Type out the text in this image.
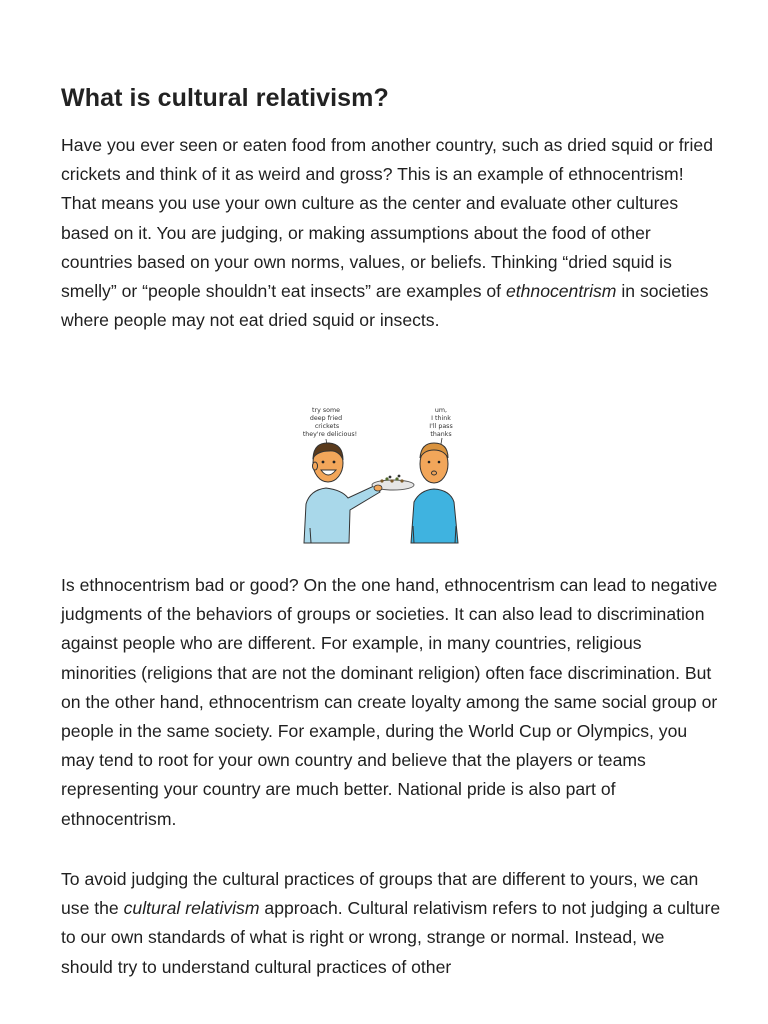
What is cultural relativism?

Have you ever seen or eaten food from another country, such as dried squid or fried crickets and think of it as weird and gross? This is an example of ethnocentrism! That means you use your own culture as the center and evaluate other cultures based on it. You are judging, or making assumptions about the food of other countries based on your own norms, values, or beliefs. Thinking “dried squid is smelly” or “people shouldn’t eat insects” are examples of ethnocentrism in societies where people may not eat dried squid or insects.

try some
deep fried
crickets
they're delicious!
um,
I think
I'll pass
thanks

Is ethnocentrism bad or good? On the one hand, ethnocentrism can lead to negative judgments of the behaviors of groups or societies. It can also lead to discrimination against people who are different. For example, in many countries, religious minorities (religions that are not the dominant religion) often face discrimination. But on the other hand, ethnocentrism can create loyalty among the same social group or people in the same society. For example, during the World Cup or Olympics, you may tend to root for your own country and believe that the players or teams representing your country are much better. National pride is also part of ethnocentrism.

To avoid judging the cultural practices of groups that are different to yours, we can use the cultural relativism approach. Cultural relativism refers to not judging a culture to our own standards of what is right or wrong, strange or normal. Instead, we should try to understand cultural practices of other
